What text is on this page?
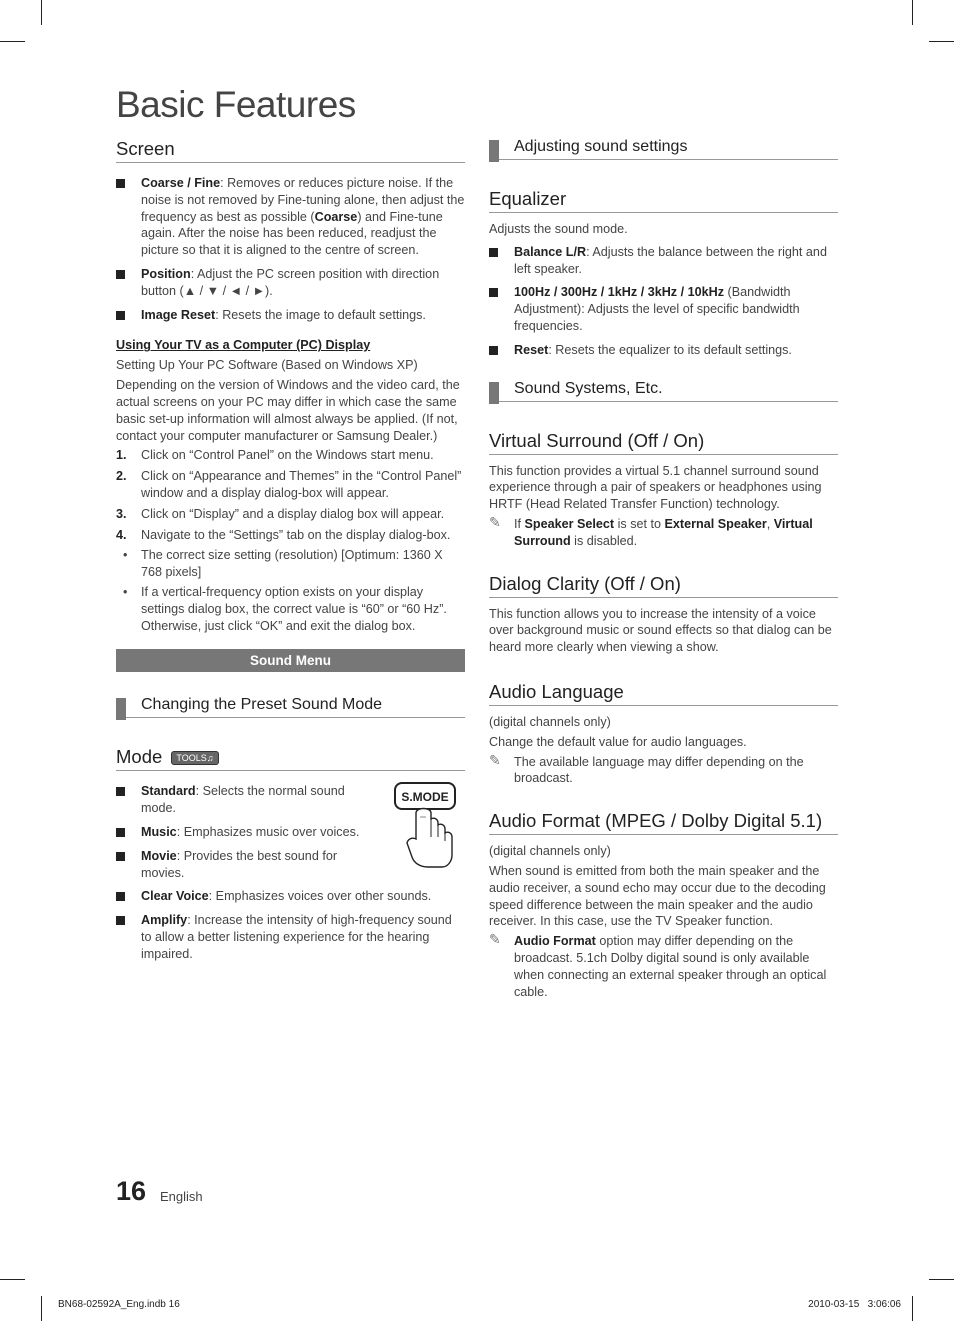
Basic Features
Screen
Coarse / Fine: Removes or reduces picture noise. If the noise is not removed by Fine-tuning alone, then adjust the frequency as best as possible (Coarse) and Fine-tune again. After the noise has been reduced, readjust the picture so that it is aligned to the centre of screen.
Position: Adjust the PC screen position with direction button (▲ / ▼ / ◄ / ►).
Image Reset: Resets the image to default settings.
Using Your TV as a Computer (PC) Display
Setting Up Your PC Software (Based on Windows XP)
Depending on the version of Windows and the video card, the actual screens on your PC may differ in which case the same basic set-up information will almost always be applied. (If not, contact your computer manufacturer or Samsung Dealer.)
1. Click on “Control Panel” on the Windows start menu.
2. Click on “Appearance and Themes” in the “Control Panel” window and a display dialog-box will appear.
3. Click on “Display” and a display dialog box will appear.
4. Navigate to the “Settings” tab on the display dialog-box.
• The correct size setting (resolution) [Optimum: 1360 X 768 pixels]
• If a vertical-frequency option exists on your display settings dialog box, the correct value is “60” or “60 Hz”. Otherwise, just click “OK” and exit the dialog box.
Sound Menu
Changing the Preset Sound Mode
Mode TOOLS♫
S.MODE
Standard: Selects the normal sound mode.
Music: Emphasizes music over voices.
Movie: Provides the best sound for movies.
Clear Voice: Emphasizes voices over other sounds.
Amplify: Increase the intensity of high-frequency sound to allow a better listening experience for the hearing impaired.
Adjusting sound settings
Equalizer
Adjusts the sound mode.
Balance L/R: Adjusts the balance between the right and left speaker.
100Hz / 300Hz / 1kHz / 3kHz / 10kHz (Bandwidth Adjustment): Adjusts the level of specific bandwidth frequencies.
Reset: Resets the equalizer to its default settings.
Sound Systems, Etc.
Virtual Surround (Off / On)
This function provides a virtual 5.1 channel surround sound experience through a pair of speakers or headphones using HRTF (Head Related Transfer Function) technology.
✎ If Speaker Select is set to External Speaker, Virtual Surround is disabled.
Dialog Clarity (Off / On)
This function allows you to increase the intensity of a voice over background music or sound effects so that dialog can be heard more clearly when viewing a show.
Audio Language
(digital channels only)
Change the default value for audio languages.
✎ The available language may differ depending on the broadcast.
Audio Format (MPEG / Dolby Digital 5.1)
(digital channels only)
When sound is emitted from both the main speaker and the audio receiver, a sound echo may occur due to the decoding speed difference between the main speaker and the audio receiver. In this case, use the TV Speaker function.
✎ Audio Format option may differ depending on the broadcast. 5.1ch Dolby digital sound is only available when connecting an external speaker through an optical cable.
16 English
BN68-02592A_Eng.indb 16	2010-03-15   3:06:06
